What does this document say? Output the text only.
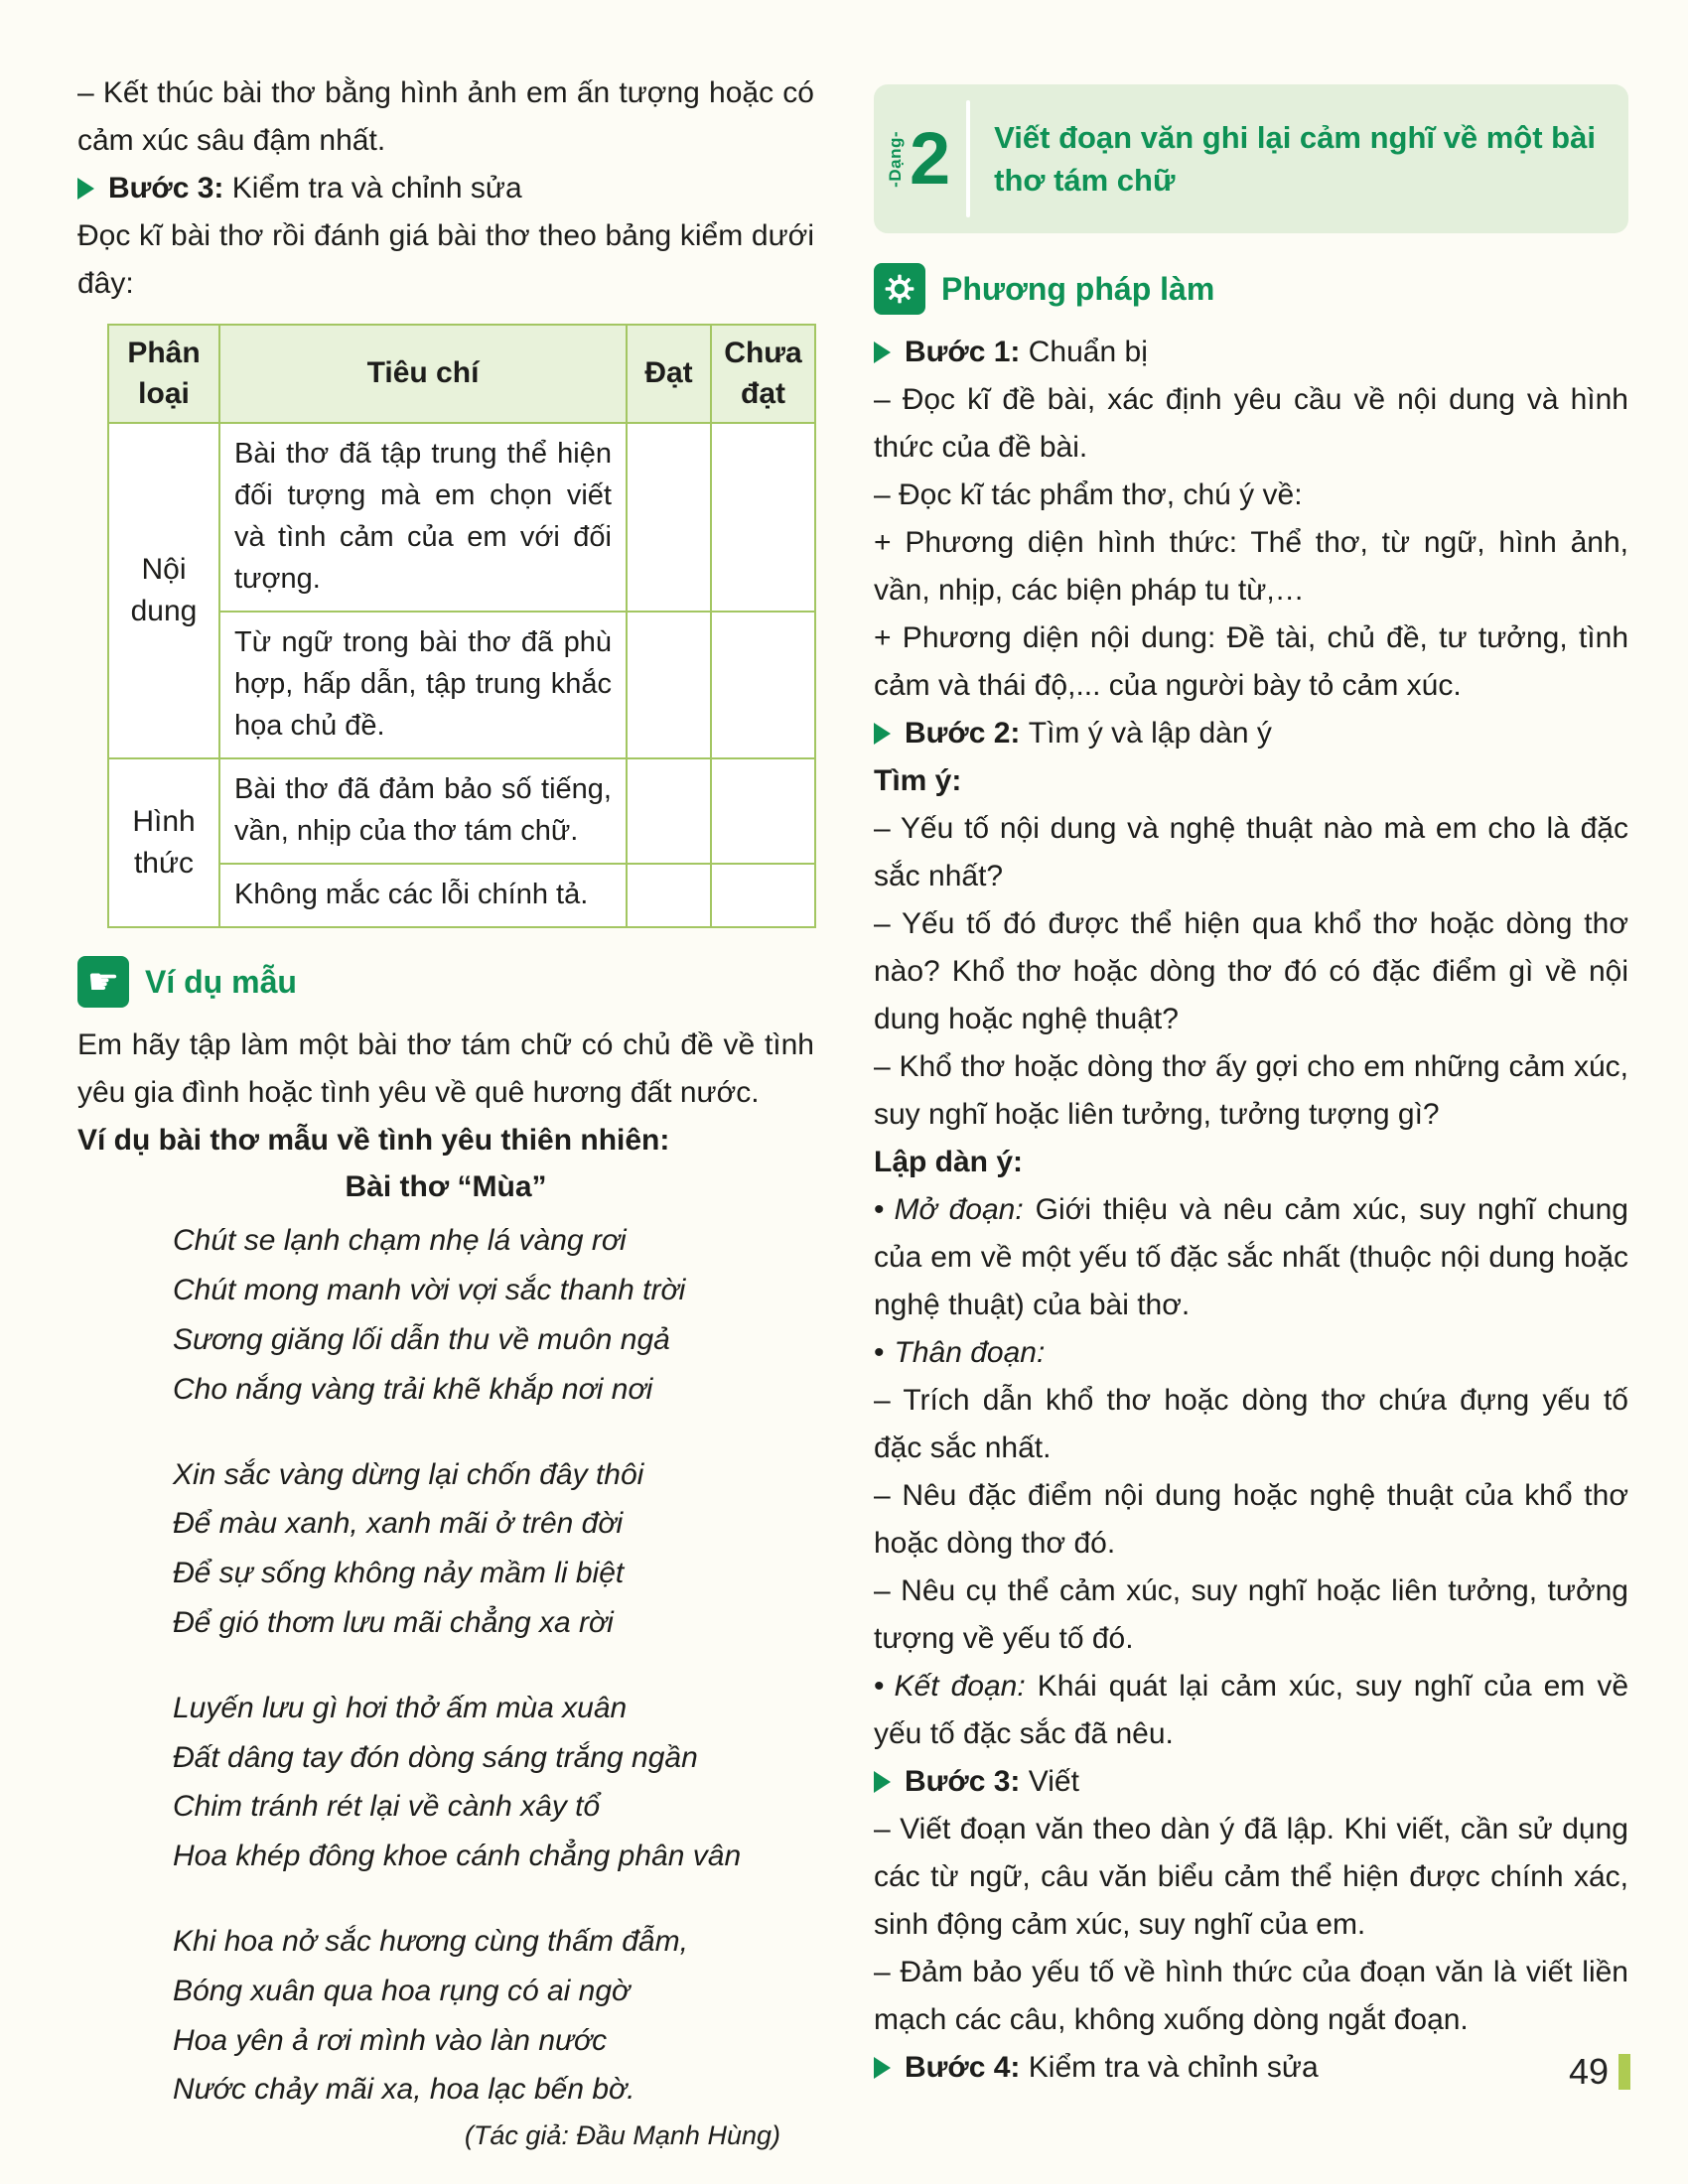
– Kết thúc bài thơ bằng hình ảnh em ấn tượng hoặc có cảm xúc sâu đậm nhất.

Bước 3: Kiểm tra và chỉnh sửa

Đọc kĩ bài thơ rồi đánh giá bài thơ theo bảng kiểm dưới đây:

Phân loại	Tiêu chí	Đạt	Chưa đạt
Nội dung	Bài thơ đã tập trung thể hiện đối tượng mà em chọn viết và tình cảm của em với đối tượng.		
	Từ ngữ trong bài thơ đã phù hợp, hấp dẫn, tập trung khắc họa chủ đề.		
Hình thức	Bài thơ đã đảm bảo số tiếng, vần, nhịp của thơ tám chữ.		
	Không mắc các lỗi chính tả.		
☛ Ví dụ mẫu

Em hãy tập làm một bài thơ tám chữ có chủ đề về tình yêu gia đình hoặc tình yêu về quê hương đất nước.

Ví dụ bài thơ mẫu về tình yêu thiên nhiên:

Bài thơ “Mùa”

Chút se lạnh chạm nhẹ lá vàng rơi

Chút mong manh vời vợi sắc thanh trời

Sương giăng lối dẫn thu về muôn ngả

Cho nắng vàng trải khẽ khắp nơi nơi

Xin sắc vàng dừng lại chốn đây thôi

Để màu xanh, xanh mãi ở trên đời

Để sự sống không nảy mầm li biệt

Để gió thơm lưu mãi chẳng xa rời

Luyến lưu gì hơi thở ấm mùa xuân

Đất dâng tay đón dòng sáng trắng ngần

Chim tránh rét lại về cành xây tổ

Hoa khép đông khoe cánh chẳng phân vân

Khi hoa nở sắc hương cùng thấm đẫm,

Bóng xuân qua hoa rụng có ai ngờ

Hoa yên ả rơi mình vào làn nước

Nước chảy mãi xa, hoa lạc bến bờ.

(Tác giả: Đầu Mạnh Hùng)

-Dạng- 2 Viết đoạn văn ghi lại cảm nghĩ về một bài thơ tám chữ
Phương pháp làm
Bước 1: Chuẩn bị

– Đọc kĩ đề bài, xác định yêu cầu về nội dung và hình thức của đề bài.

– Đọc kĩ tác phẩm thơ, chú ý về:

+ Phương diện hình thức: Thể thơ, từ ngữ, hình ảnh, vần, nhịp, các biện pháp tu từ,…

+ Phương diện nội dung: Đề tài, chủ đề, tư tưởng, tình cảm và thái độ,... của người bày tỏ cảm xúc.

Bước 2: Tìm ý và lập dàn ý

Tìm ý:

– Yếu tố nội dung và nghệ thuật nào mà em cho là đặc sắc nhất?

– Yếu tố đó được thể hiện qua khổ thơ hoặc dòng thơ nào? Khổ thơ hoặc dòng thơ đó có đặc điểm gì về nội dung hoặc nghệ thuật?

– Khổ thơ hoặc dòng thơ ấy gợi cho em những cảm xúc, suy nghĩ hoặc liên tưởng, tưởng tượng gì?

Lập dàn ý:

• Mở đoạn: Giới thiệu và nêu cảm xúc, suy nghĩ chung của em về một yếu tố đặc sắc nhất (thuộc nội dung hoặc nghệ thuật) của bài thơ.

• Thân đoạn:

– Trích dẫn khổ thơ hoặc dòng thơ chứa đựng yếu tố đặc sắc nhất.

– Nêu đặc điểm nội dung hoặc nghệ thuật của khổ thơ hoặc dòng thơ đó.

– Nêu cụ thể cảm xúc, suy nghĩ hoặc liên tưởng, tưởng tượng về yếu tố đó.

• Kết đoạn: Khái quát lại cảm xúc, suy nghĩ của em về yếu tố đặc sắc đã nêu.

Bước 3: Viết

– Viết đoạn văn theo dàn ý đã lập. Khi viết, cần sử dụng các từ ngữ, câu văn biểu cảm thể hiện được chính xác, sinh động cảm xúc, suy nghĩ của em.

– Đảm bảo yếu tố về hình thức của đoạn văn là viết liền mạch các câu, không xuống dòng ngắt đoạn.

Bước 4: Kiểm tra và chỉnh sửa	49
